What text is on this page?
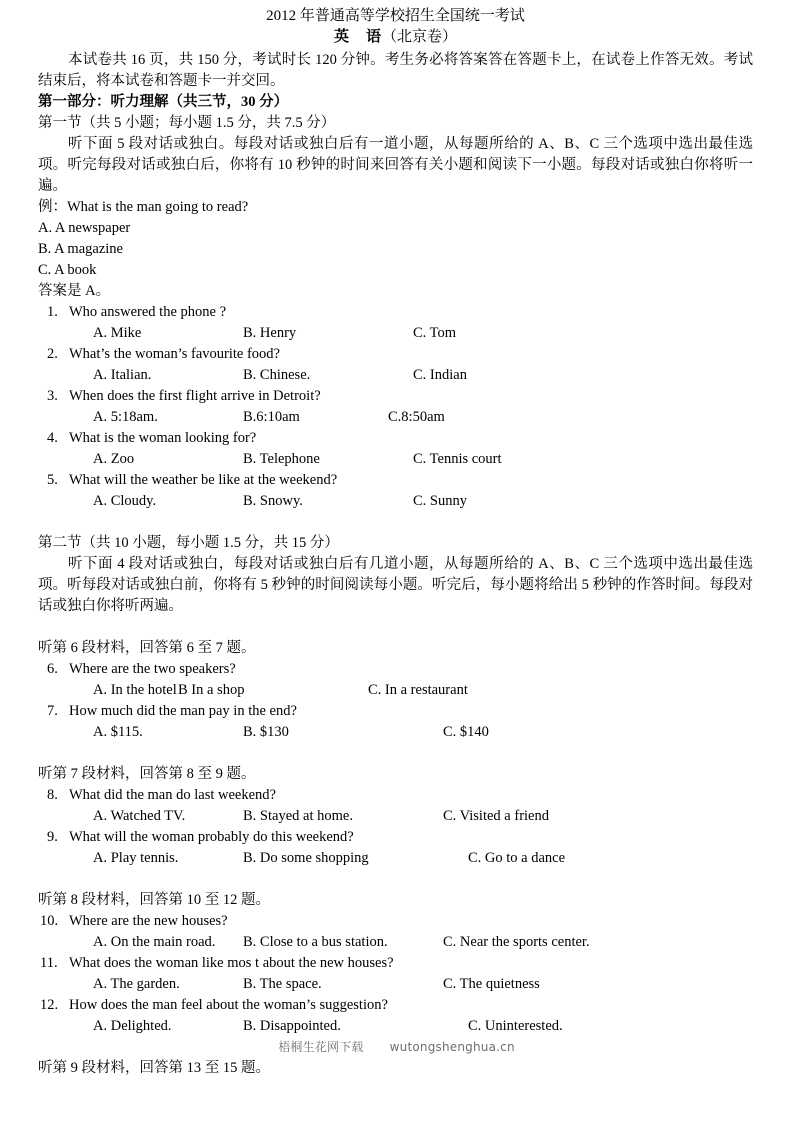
2012 年普通高等学校招生全国统一考试
英　语（北京卷）

本试卷共 16 页，共 150 分，考试时长 120 分钟。考生务必将答案答在答题卡上，在试卷上作答无效。考试结束后，将本试卷和答题卡一并交回。

第一部分：听力理解（共三节，30 分）

第一节（共 5 小题；每小题 1.5 分，共 7.5 分）

听下面 5 段对话或独白。每段对话或独白后有一道小题，从每题所给的 A、B、C 三个选项中选出最佳选项。听完每段对话或独白后，你将有 10 秒钟的时间来回答有关小题和阅读下一小题。每段对话或独白你将听一遍。

例：What is the man going to read?

A. A newspaper

B. A magazine

C. A book

答案是 A。

1. Who answered the phone ?
A. Mike	B. Henry	C. Tom
2. What’s the woman’s favourite food?
A. Italian.	B. Chinese.	C. Indian
3. When does the first flight arrive in Detroit?
A. 5:18am.	B.6:10am	C.8:50am
4. What is the woman looking for?
A. Zoo	B. Telephone	C. Tennis court
5. What will the weather be like at the weekend?
A. Cloudy.	B. Snowy.	C. Sunny

第二节（共 10 小题，每小题 1.5 分，共 15 分）

听下面 4 段对话或独白，每段对话或独白后有几道小题，从每题所给的 A、B、C 三个选项中选出最佳选项。听每段对话或独白前，你将有 5 秒钟的时间阅读每小题。听完后，每小题将给出 5 秒钟的作答时间。每段对话或独白你将听两遍。

听第 6 段材料，回答第 6 至 7 题。

6. Where are the two speakers?
A. In the hotel B In a shop	C. In a restaurant
7. How much did the man pay in the end?
A. $115.	B. $130	C. $140

听第 7 段材料，回答第 8 至 9 题。

8. What did the man do last weekend?
A. Watched TV.	B. Stayed at home.	C. Visited a friend
9. What will the woman probably do this weekend?
A. Play tennis.	B. Do some shopping	C. Go to a dance

听第 8 段材料，回答第 10 至 12 题。

10. Where are the new houses?
A. On the main road. B. Close to a bus station.	C. Near the sports center.
11. What does the woman like mos t about the new houses?
A. The garden.	B. The space.	C. The quietness
12. How does the man feel about the woman’s suggestion?
A. Delighted.	B. Disappointed.	C. Uninterested.

听第 9 段材料，回答第 13 至 15 题。

梧桐生花网下载 wutongshenghua.cn
